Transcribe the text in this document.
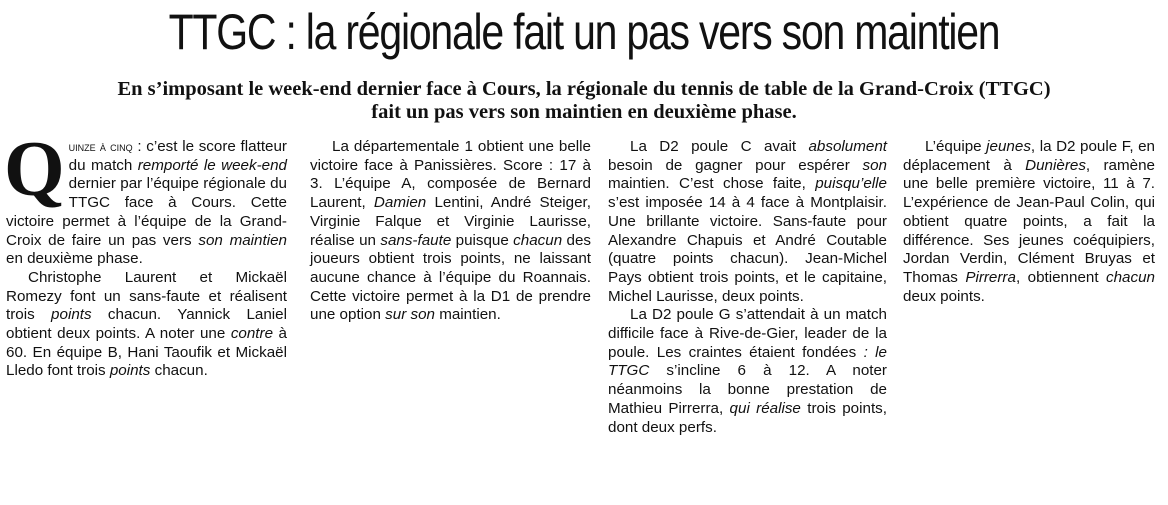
TTGC : la régionale fait un pas vers son maintien
En s’imposant le week-end dernier face à Cours, la régionale du tennis de table de la Grand-Croix (TTGC)
fait un pas vers son maintien en deuxième phase.

Quinze à cinq : c’est le score flatteur du match remporté le week-end dernier par l’équipe régionale du TTGC face à Cours. Cette victoire permet à l’équipe de la Grand-Croix de faire un pas vers son maintien en deuxième phase.

Christophe Laurent et Mickaël Romezy font un sans-faute et réalisent trois points chacun. Yannick Laniel obtient deux points. A noter une contre à 60. En équipe B, Hani Taoufik et Mickaël Lledo font trois points chacun.

La départementale 1 obtient une belle victoire face à Panissières. Score : 17 à 3. L’équipe A, composée de Bernard Laurent, Damien Lentini, André Steiger, Virginie Falque et Virginie Laurisse, réalise un sans-faute puisque chacun des joueurs obtient trois points, ne laissant aucune chance à l’équipe du Roannais. Cette victoire permet à la D1 de prendre une option sur son maintien.

La D2 poule C avait absolument besoin de gagner pour espérer son maintien. C’est chose faite, puisqu’elle s’est imposée 14 à 4 face à Montplaisir. Une brillante victoire. Sans-faute pour Alexandre Chapuis et André Coutable (quatre points chacun). Jean-Michel Pays obtient trois points, et le capitaine, Michel Laurisse, deux points.

La D2 poule G s’attendait à un match difficile face à Rive-de-Gier, leader de la poule. Les craintes étaient fondées : le TTGC s’incline 6 à 12. A noter néanmoins la bonne prestation de Mathieu Pirrerra, qui réalise trois points, dont deux perfs.

L’équipe jeunes, la D2 poule F, en déplacement à Dunières, ramène une belle première victoire, 11 à 7. L’expérience de Jean-Paul Colin, qui obtient quatre points, a fait la différence. Ses jeunes coéquipiers, Jordan Verdin, Clément Bruyas et Thomas Pirrerra, obtiennent chacun deux points.
